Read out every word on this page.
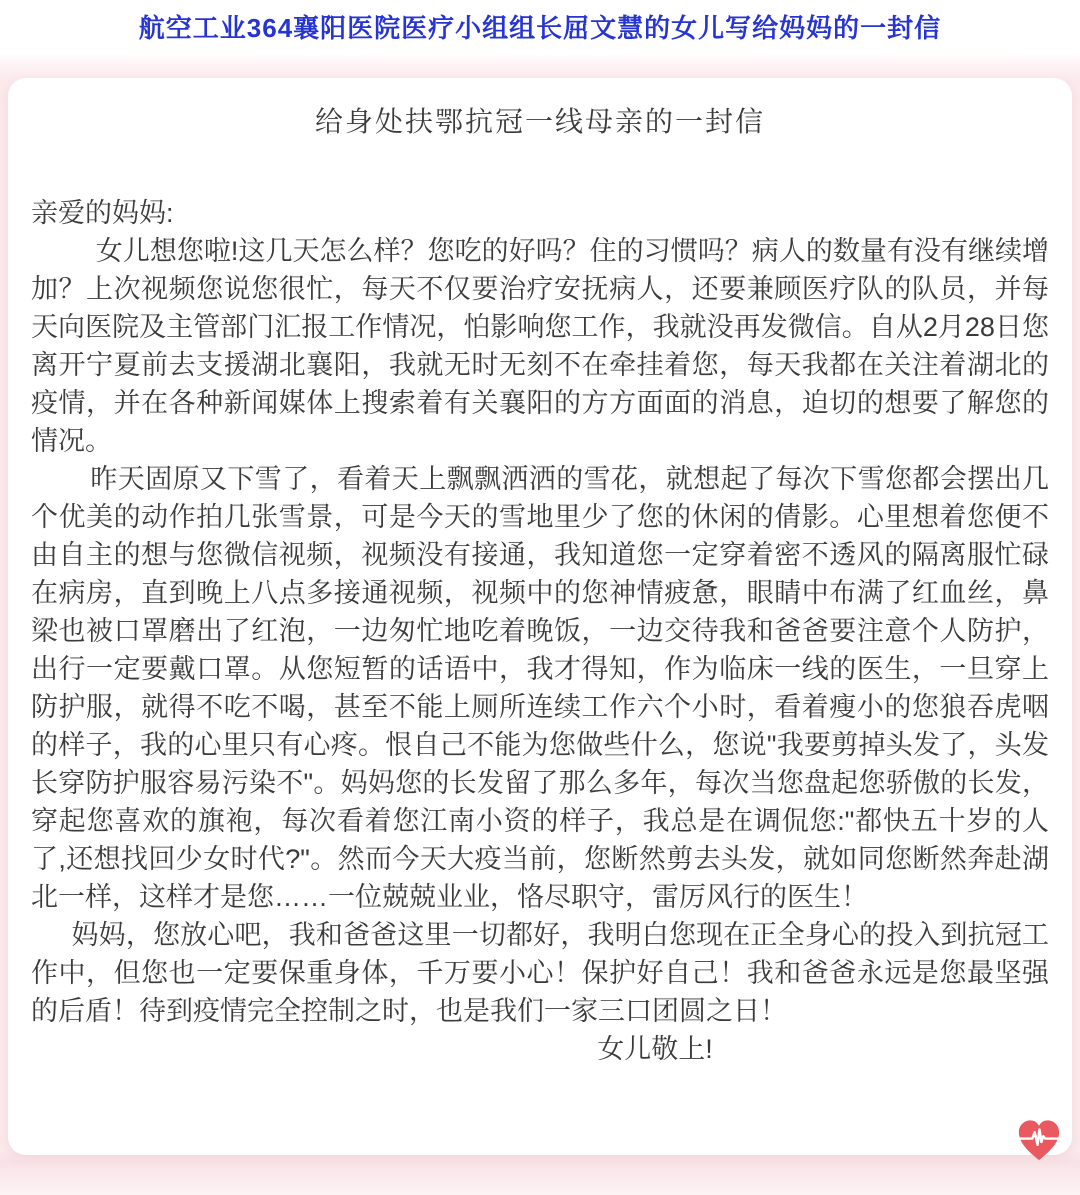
航空工业364襄阳医院医疗小组组长屈文慧的女儿写给妈妈的一封信
给身处扶鄂抗冠一线母亲的一封信
亲爱的妈妈:

女儿想您啦!这几天怎么样？您吃的好吗？住的习惯吗？病人的数量有没有继续增加？上次视频您说您很忙，每天不仅要治疗安抚病人，还要兼顾医疗队的队员，并每天向医院及主管部门汇报工作情况，怕影响您工作，我就没再发微信。自从2月28日您离开宁夏前去支援湖北襄阳，我就无时无刻不在牵挂着您，每天我都在关注着湖北的疫情，并在各种新闻媒体上搜索着有关襄阳的方方面面的消息，迫切的想要了解您的情况。

昨天固原又下雪了，看着天上飘飘洒洒的雪花，就想起了每次下雪您都会摆出几个优美的动作拍几张雪景，可是今天的雪地里少了您的休闲的倩影。心里想着您便不由自主的想与您微信视频，视频没有接通，我知道您一定穿着密不透风的隔离服忙碌在病房，直到晚上八点多接通视频，视频中的您神情疲惫，眼睛中布满了红血丝，鼻梁也被口罩磨出了红泡，一边匆忙地吃着晚饭，一边交待我和爸爸要注意个人防护，出行一定要戴口罩。从您短暂的话语中，我才得知，作为临床一线的医生，一旦穿上防护服，就得不吃不喝，甚至不能上厕所连续工作六个小时，看着瘦小的您狼吞虎咽的样子，我的心里只有心疼。恨自己不能为您做些什么，您说"我要剪掉头发了，头发长穿防护服容易污染不"。妈妈您的长发留了那么多年，每次当您盘起您骄傲的长发，穿起您喜欢的旗袍，每次看着您江南小资的样子，我总是在调侃您:"都快五十岁的人了,还想找回少女时代?"。然而今天大疫当前，您断然剪去头发，就如同您断然奔赴湖北一样，这样才是您……一位兢兢业业，恪尽职守，雷厉风行的医生！

妈妈，您放心吧，我和爸爸这里一切都好，我明白您现在正全身心的投入到抗冠工作中，但您也一定要保重身体，千万要小心！保护好自己！我和爸爸永远是您最坚强的后盾！待到疫情完全控制之时，也是我们一家三口团圆之日！

女儿敬上!
